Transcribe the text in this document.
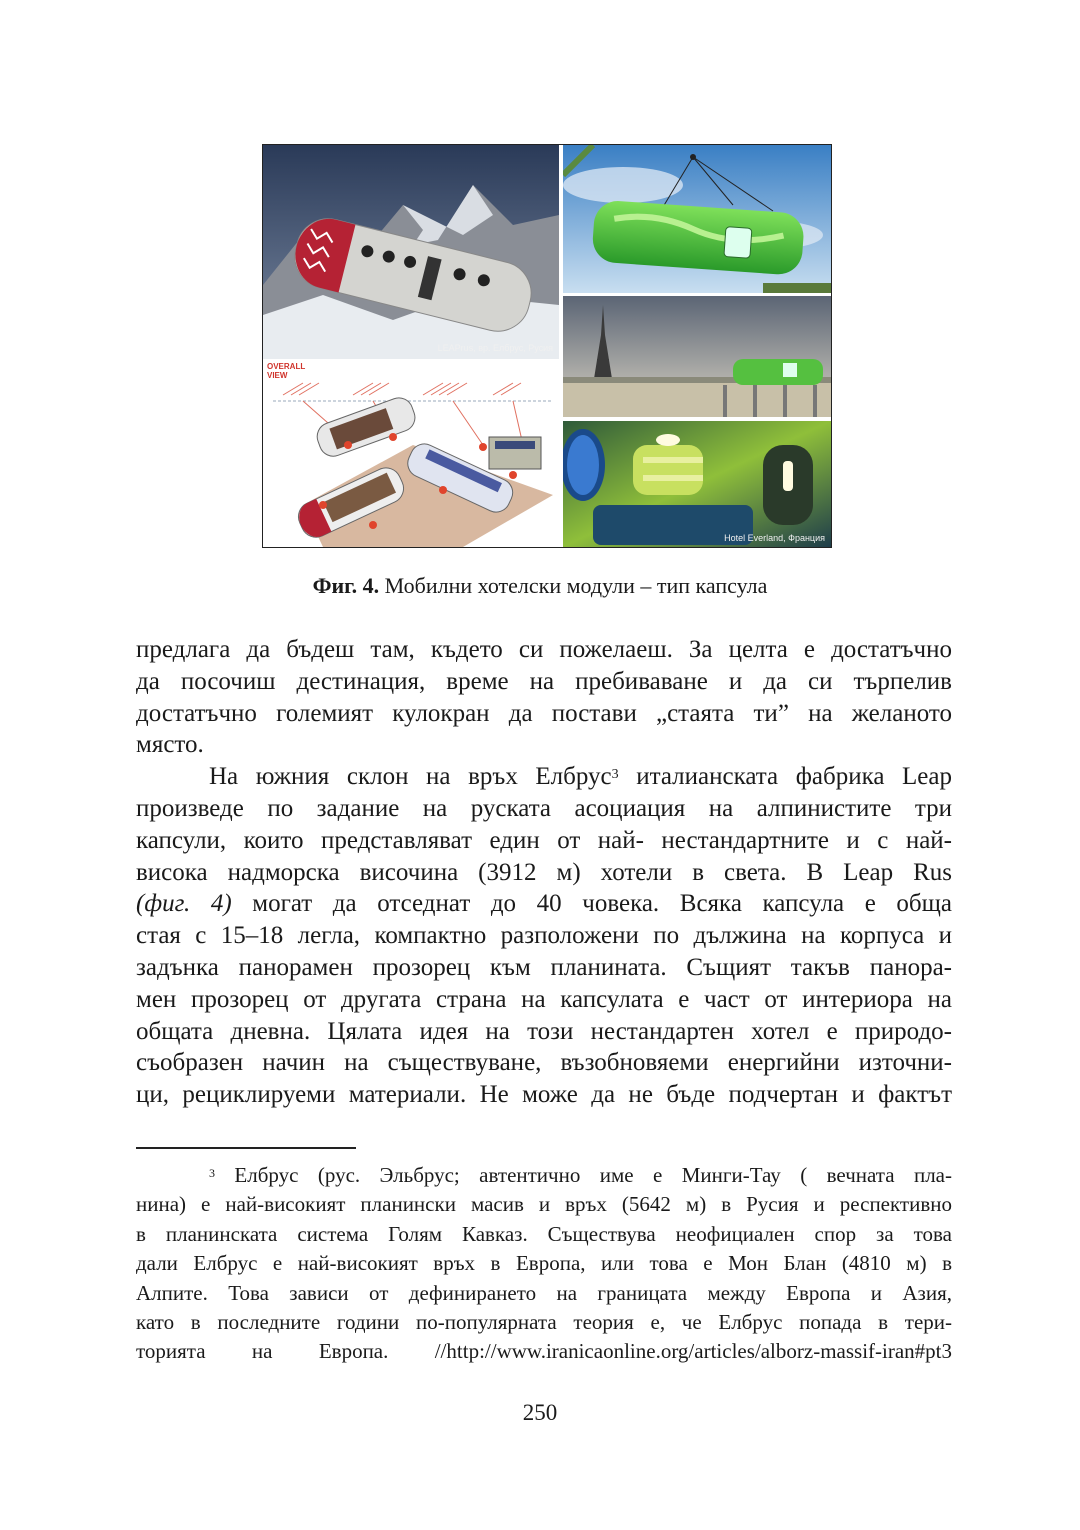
LEAPrus, вр. Елбрус, Русия
OVERALL
VIEW
Hotel Everland, Франция
Фиг. 4. Мобилни хотелски модули – тип капсула
предлага да бъдеш там, където си пожелаеш. За целта е достатъчно
да посочиш дестинация, време на пребиваване и да си търпелив
достатъчно големият кулокран да постави „стаята ти” на желаното
място.
На южния склон на връх Елбрус$^3$ италианската фабрика Leap
произведе по задание на руската асоциация на алпинистите три
капсули, които представляват един от най- нестандартните и с най-
висока надморска височина (3912 м) хотели в света. В Leap Rus
(фиг. 4) могат да отседнат до 40 човека. Всяка капсула е обща
стая с 15–18 легла, компактно разположени по дължина на корпуса и
задънка панорамен прозорец към планината. Същият такъв панора-
мен прозорец от другата страна на капсулата е част от интериора на
общата дневна. Цялата идея на този нестандартен хотел е природо-
съобразен начин на съществуване, възобновяеми енергийни източни-
ци, рециклируеми материали. Не може да не бъде подчертан и фактът
$^3$ Елбрус (рус. Эльбрус; автентично име е Минги-Тау ( вечната пла-
нина) е най-високият планински масив и връх (5642 м) в Русия и респективно
в планинската система Голям Кавказ. Съществува неофициален спор за това
дали Елбрус е най-високият връх в Европа, или това е Мон Блан (4810 м) в
Алпите. Това зависи от дефинирането на границата между Европа и Азия,
като в последните години по-популярната теория е, че Елбрус попада в тери-
торията на Европа. //http://www.iranicaonline.org/articles/alborz-massif-iran#pt3
250
